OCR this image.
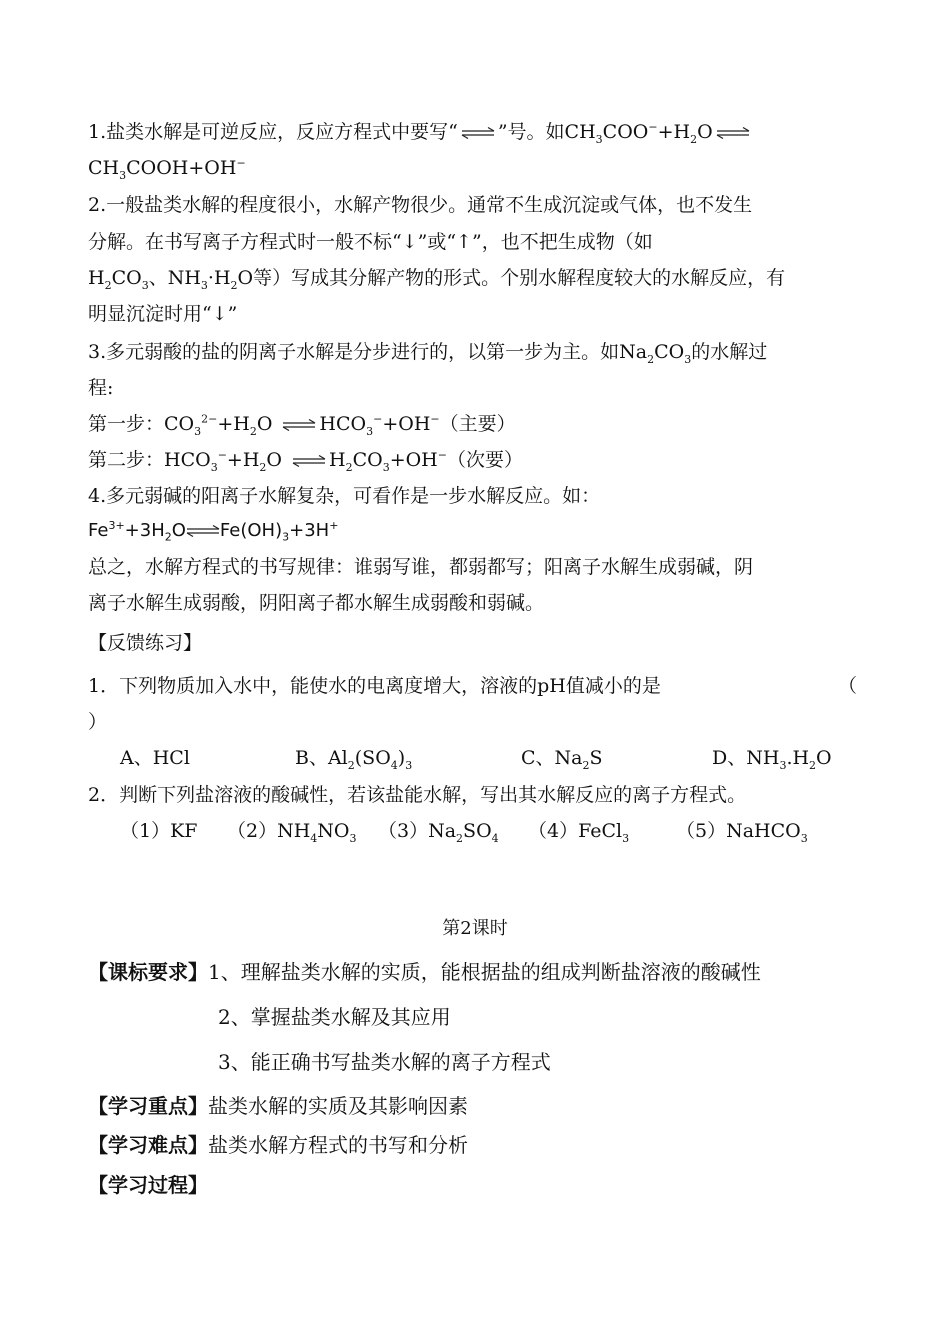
1.盐类水解是可逆反应，反应方程式中要写“ ”号。如$CH_3COO^-+H_2O$
$CH_3COOH+OH^-$
2.一般盐类水解的程度很小，水解产物很少。通常不生成沉淀或气体，也不发生
分解。在书写离子方程式时一般不标“↓”或“↑”，也不把生成物（如
$H_2CO_3$、$NH_3\cdot H_2O$等）写成其分解产物的形式。个别水解程度较大的水解反应，有
明显沉淀时用“↓”
3.多元弱酸的盐的阴离子水解是分步进行的，以第一步为主。如$Na_2CO_3$的水解过
程:
第一步：$CO_3^{2-}+H_2O$ $HCO_3^-+OH^-$（主要）
第二步：$HCO_3^-+H_2O$ $H_2CO_3+OH^-$（次要）
4.多元弱碱的阳离子水解复杂，可看作是一步水解反应。如：
$Fe^{3+}+3H_2O$ $Fe(OH)_3+3H^+$
总之，水解方程式的书写规律：谁弱写谁，都弱都写；阳离子水解生成弱碱，阴
离子水解生成弱酸，阴阳离子都水解生成弱酸和弱碱。
【反馈练习】
1．下列物质加入水中，能使水的电离度增大，溶液的pH值减小的是	（
）
A、HCl	B、$Al_2(SO_4)_3$	C、$Na_2S$	D、$NH_3.H_2O$
2．判断下列盐溶液的酸碱性，若该盐能水解，写出其水解反应的离子方程式。
（1）KF $(2)NH_4NO_3$ $(3)Na_2SO_4$ （4）FeCl$_3$ （5）NaHCO$_3$
第2课时
【课标要求】1、理解盐类水解的实质，能根据盐的组成判断盐溶液的酸碱性
2、掌握盐类水解及其应用
3、能正确书写盐类水解的离子方程式
【学习重点】盐类水解的实质及其影响因素
【学习难点】盐类水解方程式的书写和分析
【学习过程】
